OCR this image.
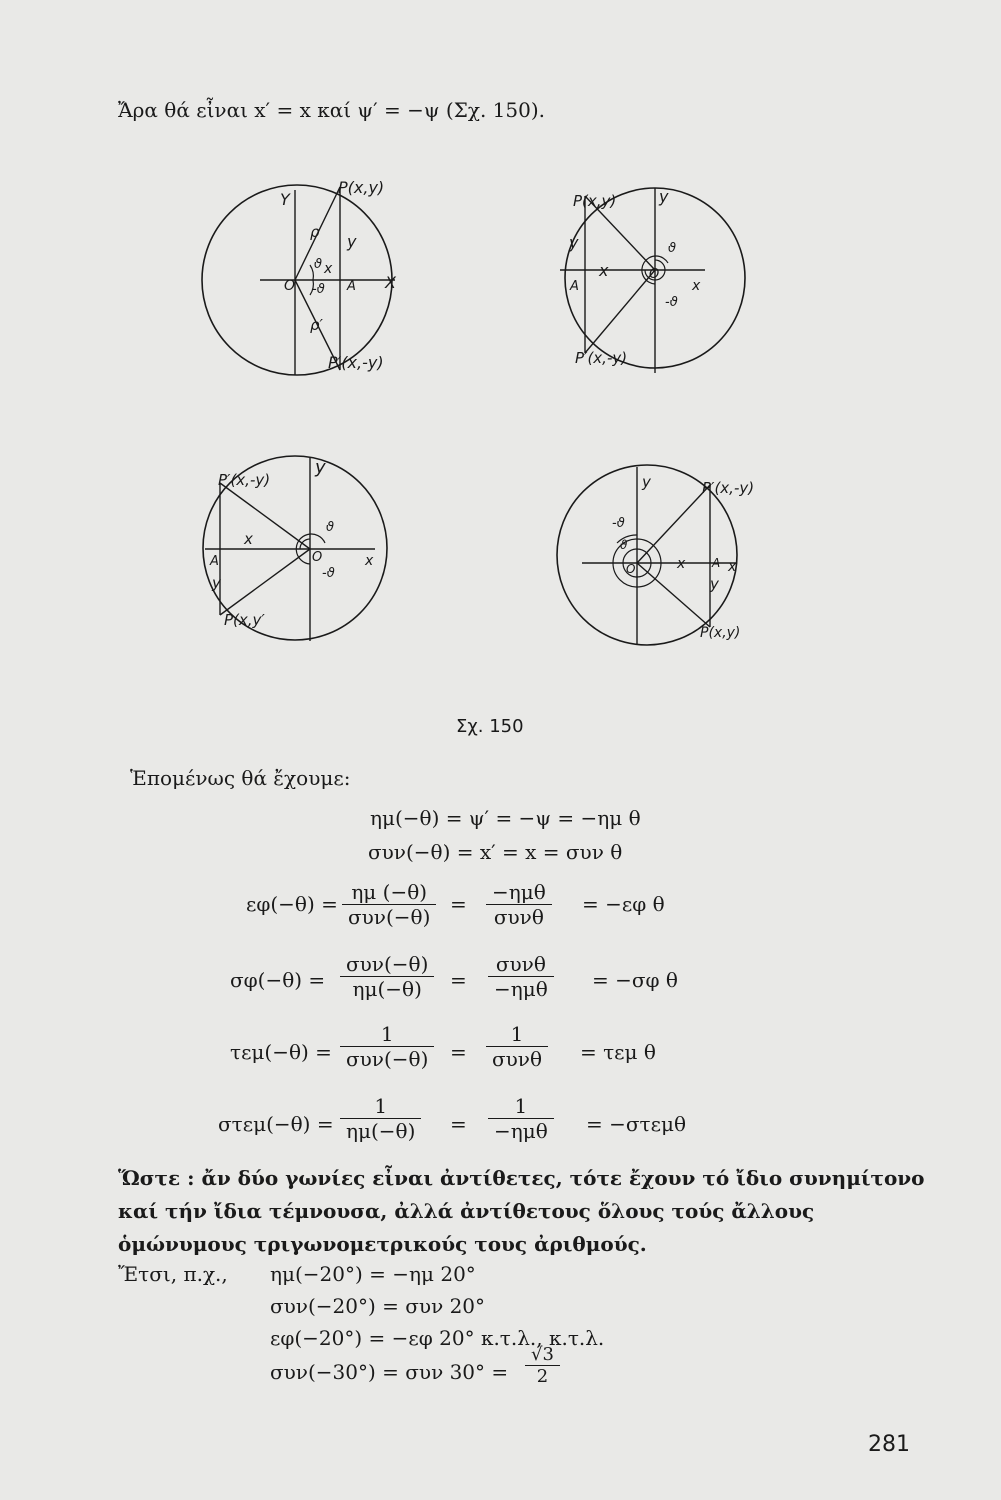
Ἄρα θά εἶναι x′ = x καί ψ′ = −ψ (Σχ. 150).
P(x,y)
P′(x,-y)
Y
X
O	A
ρ
ρ′
y
x
ϑ
-ϑ
P(x,y)
P′(x,-y)
y
x
O
A
y
x
ϑ
-ϑ
P′(x,-y)
P(x,y′
y
x
O
A
y
x
ϑ
-ϑ
P′(x,-y)
P(x,y)
y
x
O	A
y
x
-ϑ
ϑ
Σχ. 150
Ἑπομένως θά ἔχουμε:
ημ(−θ) = ψ′ = −ψ = −ημ θ
συν(−θ) = x′ = x = συν θ
εφ(−θ) = ημ (−θ)
συν(−θ)
=	−ημθ
συνθ
= −εφ θ
σφ(−θ) =
συν(−θ)
ημ(−θ)	=
συνθ
−ημθ	= −σφ θ
τεμ(−θ) =
1
συν(−θ)	=
1
συνθ	= τεμ θ
στεμ(−θ) =
1
ημ(−θ)	=
1
−ημθ	= −στεμθ
Ὥστε : ἄν δύο γωνίες εἶναι ἀντίθετες, τότε ἔχουν τό ἴδιο συνημίτονο καί τήν ἴδια τέμνουσα, ἀλλά ἀντίθετους ὅλους τούς ἄλλους ὁμώνυμους τριγωνομετρικούς τους ἀριθμούς.
Ἔτσι, π.χ., ημ(−20°) = −ημ 20°
συν(−20°) = συν 20°
εφ(−20°) = −εφ 20° κ.τ.λ., κ.τ.λ.
συν(−30°) = συν 30° =
√3
2
281
